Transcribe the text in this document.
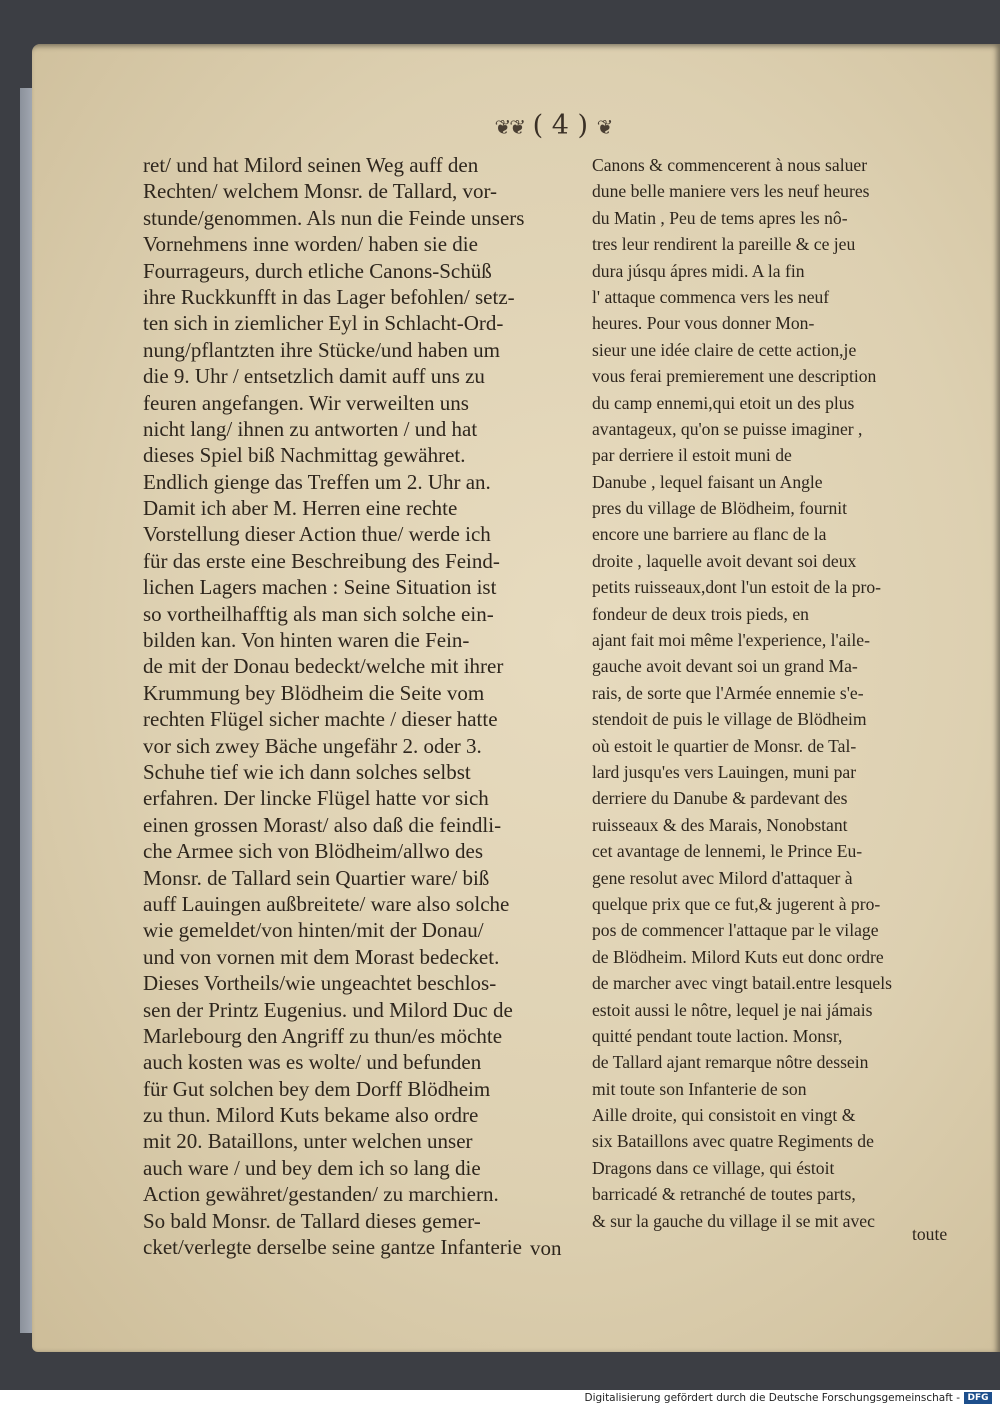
❦❦ ( 4 ) ❦
ret/ und hat Milord seinen Weg auff den
Rechten/ welchem Monsr. de Tallard, vor-
stunde/genommen. Als nun die Feinde unsers
Vornehmens inne worden/ haben sie die
Fourrageurs, durch etliche Canons-Schüß
ihre Ruckkunfft in das Lager befohlen/ setz-
ten sich in ziemlicher Eyl in Schlacht-Ord-
nung/pflantzten ihre Stücke/und haben um
die 9. Uhr / entsetzlich damit auff uns zu
feuren angefangen. Wir verweilten uns
nicht lang/ ihnen zu antworten / und hat
dieses Spiel biß Nachmittag gewähret.
Endlich gienge das Treffen um 2. Uhr an.
Damit ich aber M. Herren eine rechte
Vorstellung dieser Action thue/ werde ich
für das erste eine Beschreibung des Feind-
lichen Lagers machen : Seine Situation ist
so vortheilhafftig als man sich solche ein-
bilden kan. Von hinten waren die Fein-
de mit der Donau bedeckt/welche mit ihrer
Krummung bey Blödheim die Seite vom
rechten Flügel sicher machte / dieser hatte
vor sich zwey Bäche ungefähr 2. oder 3.
Schuhe tief wie ich dann solches selbst
erfahren. Der lincke Flügel hatte vor sich
einen grossen Morast/ also daß die feindli-
che Armee sich von Blödheim/allwo des
Monsr. de Tallard sein Quartier ware/ biß
auff Lauingen außbreitete/ ware also solche
wie gemeldet/von hinten/mit der Donau/
und von vornen mit dem Morast bedecket.
Dieses Vortheils/wie ungeachtet beschlos-
sen der Printz Eugenius. und Milord Duc de
Marlebourg den Angriff zu thun/es möchte
auch kosten was es wolte/ und befunden
für Gut solchen bey dem Dorff Blödheim
zu thun. Milord Kuts bekame also ordre
mit 20. Bataillons, unter welchen unser
auch ware / und bey dem ich so lang die
Action gewähret/gestanden/ zu marchiern.
So bald Monsr. de Tallard dieses gemer-
cket/verlegte derselbe seine gantze Infanterie
Canons & commencerent à nous saluer
dune belle maniere vers les neuf heures
du Matin , Peu de tems apres les nô-
tres leur rendirent la pareille & ce jeu
dura júsqu ápres midi. A la fin
l' attaque commenca vers les neuf
heures. Pour vous donner Mon-
sieur une idée claire de cette action,je
vous ferai premierement une description
du camp ennemi,qui etoit un des plus
avantageux, qu'on se puisse imaginer ,
par derriere il estoit muni de
Danube , lequel faisant un Angle
pres du village de Blödheim, fournit
encore une barriere au flanc de la
droite , laquelle avoit devant soi deux
petits ruisseaux,dont l'un estoit de la pro-
fondeur de deux trois pieds, en
ajant fait moi même l'experience, l'aile-
gauche avoit devant soi un grand Ma-
rais, de sorte que l'Armée ennemie s'e-
stendoit de puis le village de Blödheim
où estoit le quartier de Monsr. de Tal-
lard jusqu'es vers Lauingen, muni par
derriere du Danube & pardevant des
ruisseaux & des Marais, Nonobstant
cet avantage de lennemi, le Prince Eu-
gene resolut avec Milord d'attaquer à
quelque prix que ce fut,& jugerent à pro-
pos de commencer l'attaque par le vilage
de Blödheim. Milord Kuts eut donc ordre
de marcher avec vingt batail.entre lesquels
estoit aussi le nôtre, lequel je nai jámais
quitté pendant toute laction. Monsr,
de Tallard ajant remarque nôtre dessein
mit toute son Infanterie de son
Aille droite, qui consistoit en vingt &
six Bataillons avec quatre Regiments de
Dragons dans ce village, qui éstoit
barricadé & retranché de toutes parts,
& sur la gauche du village il se mit avec
von
toute
Digitalisierung gefördert durch die Deutsche Forschungsgemeinschaft - DFG
